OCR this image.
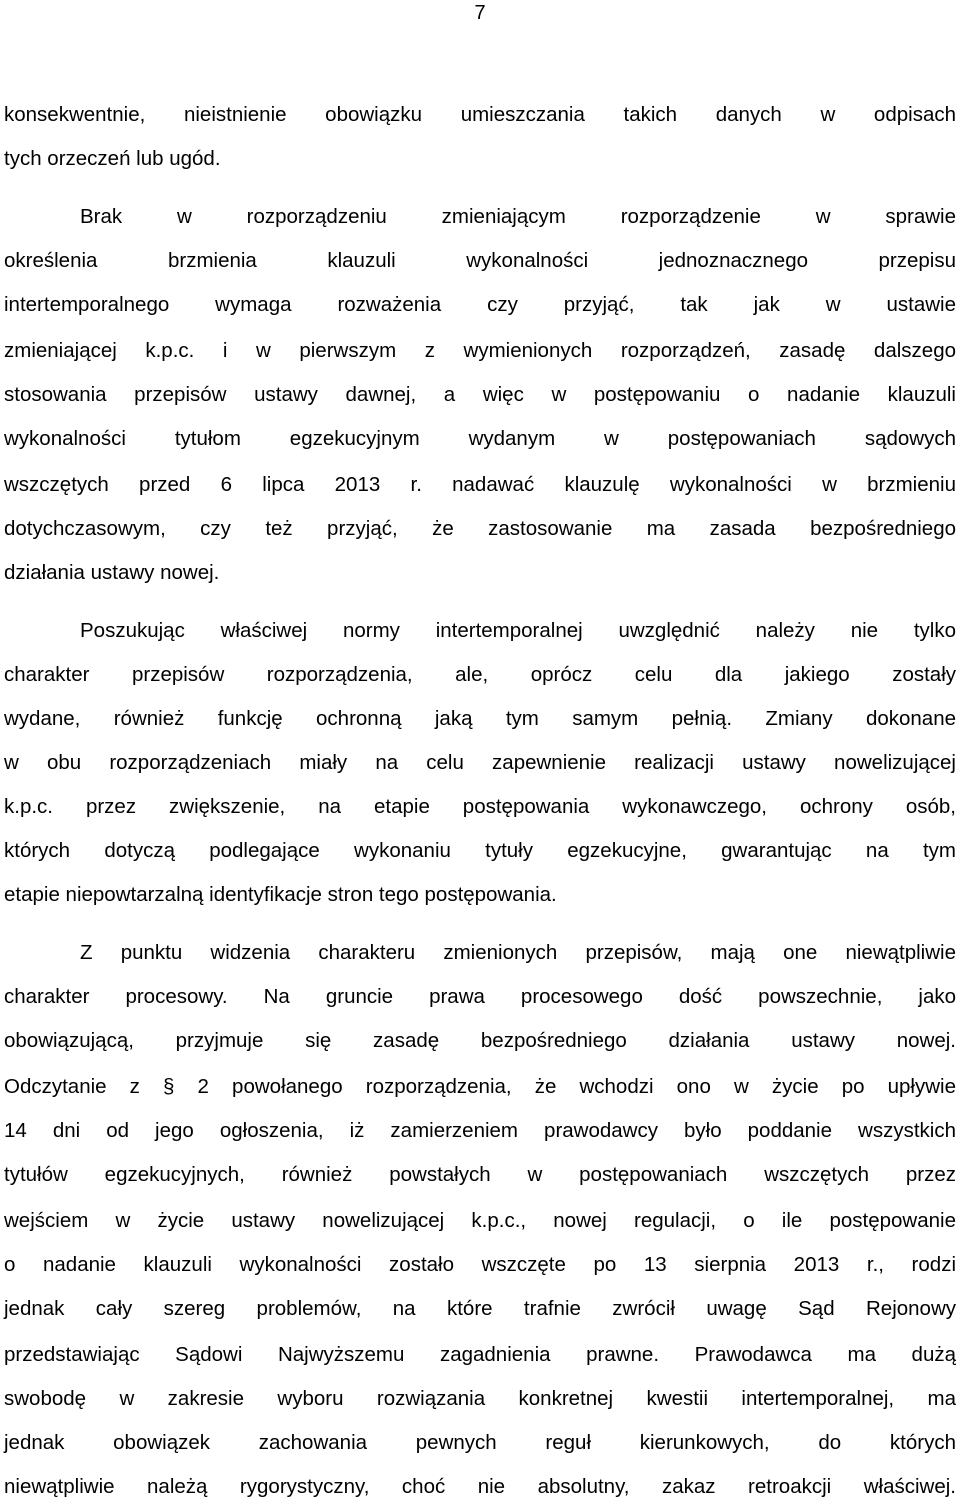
7
konsekwentnie, nieistnienie obowiązku umieszczania takich danych w odpisach
tych orzeczeń lub ugód.
Brak w rozporządzeniu zmieniającym rozporządzenie w sprawie
określenia brzmienia klauzuli wykonalności jednoznacznego przepisu
intertemporalnego wymaga rozważenia czy przyjąć, tak jak w ustawie
zmieniającej k.p.c. i w pierwszym z wymienionych rozporządzeń, zasadę dalszego
stosowania przepisów ustawy dawnej, a więc w postępowaniu o nadanie klauzuli
wykonalności tytułom egzekucyjnym wydanym w postępowaniach sądowych
wszczętych przed 6 lipca 2013 r. nadawać klauzulę wykonalności w brzmieniu
dotychczasowym, czy też przyjąć, że zastosowanie ma zasada bezpośredniego
działania ustawy nowej.
Poszukując właściwej normy intertemporalnej uwzględnić należy nie tylko
charakter przepisów rozporządzenia, ale, oprócz celu dla jakiego zostały
wydane, również funkcję ochronną jaką tym samym pełnią. Zmiany dokonane
w obu rozporządzeniach miały na celu zapewnienie realizacji ustawy nowelizującej
k.p.c. przez zwiększenie, na etapie postępowania wykonawczego, ochrony osób,
których dotyczą podlegające wykonaniu tytuły egzekucyjne, gwarantując na tym
etapie niepowtarzalną identyfikacje stron tego postępowania.
Z punktu widzenia charakteru zmienionych przepisów, mają one niewątpliwie
charakter procesowy. Na gruncie prawa procesowego dość powszechnie, jako
obowiązującą, przyjmuje się zasadę bezpośredniego działania ustawy nowej.
Odczytanie z § 2 powołanego rozporządzenia, że wchodzi ono w życie po upływie
14 dni od jego ogłoszenia, iż zamierzeniem prawodawcy było poddanie wszystkich
tytułów egzekucyjnych, również powstałych w postępowaniach wszczętych przez
wejściem w życie ustawy nowelizującej k.p.c., nowej regulacji, o ile postępowanie
o nadanie klauzuli wykonalności zostało wszczęte po 13 sierpnia 2013 r., rodzi
jednak cały szereg problemów, na które trafnie zwrócił uwagę Sąd Rejonowy
przedstawiając Sądowi Najwyższemu zagadnienia prawne. Prawodawca ma dużą
swobodę w zakresie wyboru rozwiązania konkretnej kwestii intertemporalnej, ma
jednak obowiązek zachowania pewnych reguł kierunkowych, do których
niewątpliwie należą rygorystyczny, choć nie absolutny, zakaz retroakcji właściwej.
